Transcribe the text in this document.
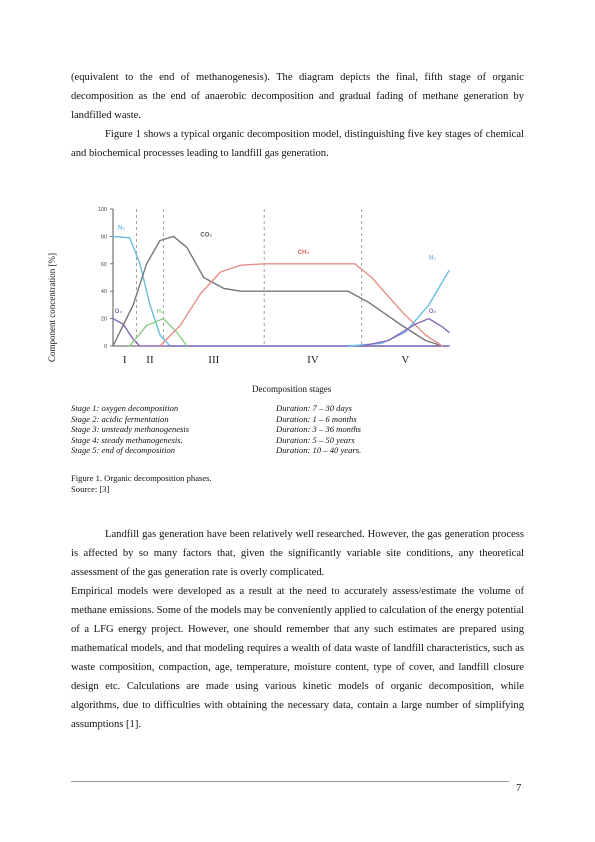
(equivalent to the end of methanogenesis). The diagram depicts the final, fifth stage of organic decomposition as the end of anaerobic decomposition and gradual fading of methane generation by landfilled waste.

Figure 1 shows a typical organic decomposition model, distinguishing five key stages of chemical and biochemical processes leading to landfill gas generation.

100
80
60
40
20
0
I II	III	IV	V
N₂
O₂	H₂
CO₂
CH₄
N₂
O₂
Component concentration [%]
Decomposition stages
Stage 1: oxygen decomposition	Duration: 7 – 30 days
Stage 2: acidic fermentation	Duration: 1 – 6 months
Stage 3: unsteady methanogenesis	Duration: 3 – 36 months
Stage 4: steady methanogenesis.	Duration: 5 – 50 years
Stage 5: end of decomposition	Duration: 10 – 40 years.
Figure 1. Organic decomposition phases.
Source: [3]

Landfill gas generation have been relatively well researched. However, the gas generation process is affected by so many factors that, given the significantly variable site conditions, any theoretical assessment of the gas generation rate is overly complicated.

Empirical models were developed as a result at the need to accurately assess/estimate the volume of methane emissions. Some of the models may be conveniently applied to calculation of the energy potential of a LFG energy project. However, one should remember that any such estimates are prepared using mathematical models, and that modeling requires a wealth of data waste of landfill characteristics, such as waste composition, compaction, age, temperature, moisture content, type of cover, and landfill closure design etc. Calculations are made using various kinetic models of organic decomposition, while algorithms, due to difficulties with obtaining the necessary data, contain a large number of simplifying assumptions [1].

7
